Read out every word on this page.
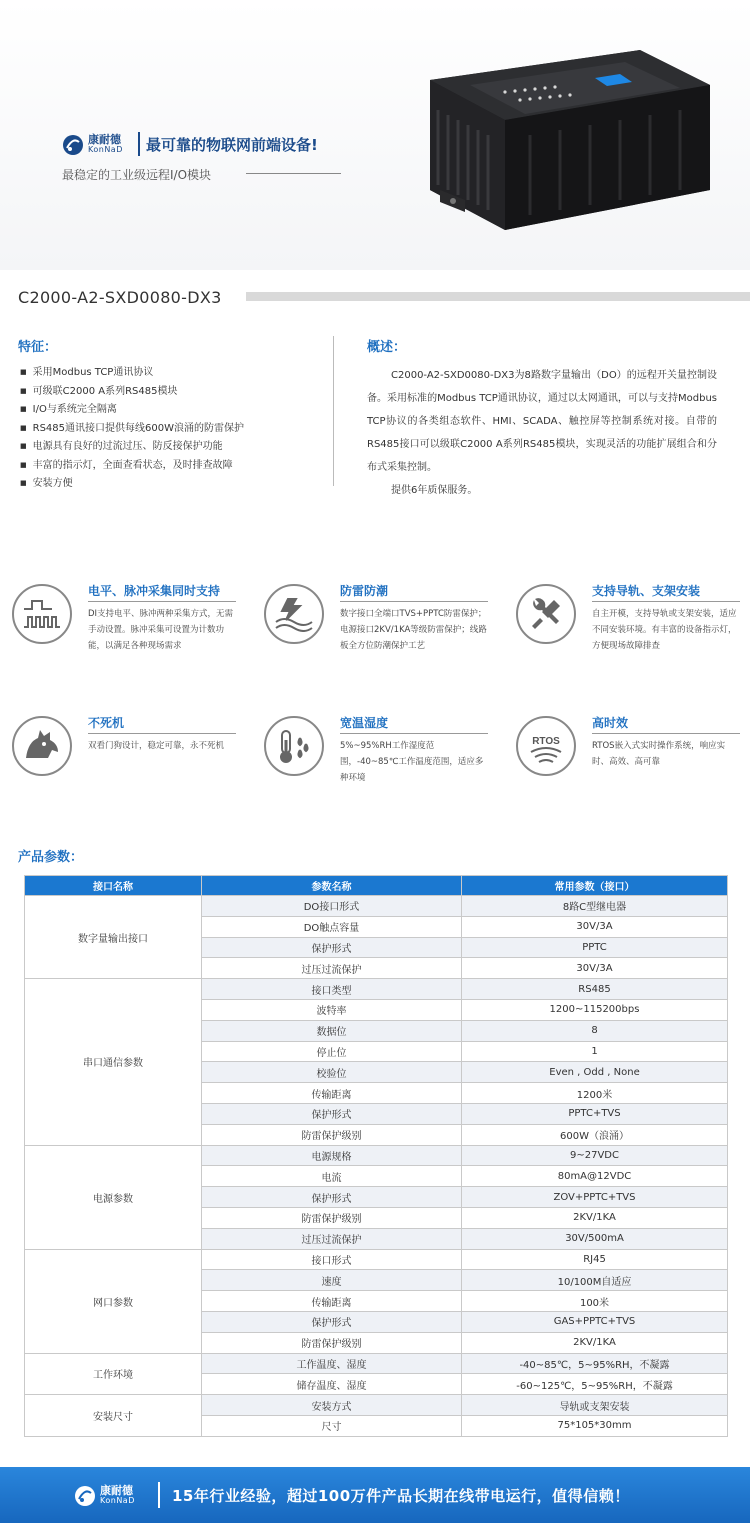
康耐德
KonNaD 最可靠的物联网前端设备!
最稳定的工业级远程I/O模块
C2000-A2-SXD0080-DX3
特征：
■ 采用Modbus TCP通讯协议
■ 可级联C2000 A系列RS485模块
■ I/O与系统完全隔离
■ RS485通讯接口提供每线600W浪涌的防雷保护
■ 电源具有良好的过流过压、防反接保护功能
■ 丰富的指示灯，全面查看状态，及时排查故障
■ 安装方便
概述：

C2000-A2-SXD0080-DX3为8路数字量输出（DO）的远程开关量控制设备。采用标准的Modbus TCP通讯协议，通过以太网通讯，可以与支持Modbus TCP协议的各类组态软件、HMI、SCADA、触控屏等控制系统对接。自带的RS485接口可以级联C2000 A系列RS485模块，实现灵活的功能扩展组合和分布式采集控制。

提供6年质保服务。

电平、脉冲采集同时支持
DI支持电平、脉冲两种采集方式，无需手动设置。脉冲采集可设置为计数功能，以满足各种现场需求
防雷防潮
数字接口全端口TVS+PPTC防雷保护；电源接口2KV/1KA等级防雷保护；线路板全方位防潮保护工艺
支持导轨、支架安装
自主开模，支持导轨或支架安装，适应不同安装环境。有丰富的设备指示灯，方便现场故障排查
不死机
双看门狗设计，稳定可靠，永不死机
宽温湿度
5%~95%RH工作湿度范围，-40~85℃工作温度范围，适应多种环境
RTOS
高时效
RTOS嵌入式实时操作系统，响应实时、高效、高可靠
产品参数：
接口名称	参数名称	常用参数（接口）
数字量输出接口	DO接口形式	8路C型继电器
	DO触点容量	30V/3A
	保护形式	PPTC
	过压过流保护	30V/3A
串口通信参数	接口类型	RS485
	波特率	1200~115200bps
	数据位	8
	停止位	1
	校验位	Even , Odd , None
	传输距离	1200米
	保护形式	PPTC+TVS
	防雷保护级别	600W（浪涌）
电源参数	电源规格	9~27VDC
	电流	80mA@12VDC
	保护形式	ZOV+PPTC+TVS
	防雷保护级别	2KV/1KA
	过压过流保护	30V/500mA
网口参数	接口形式	RJ45
	速度	10/100M自适应
	传输距离	100米
	保护形式	GAS+PPTC+TVS
	防雷保护级别	2KV/1KA
工作环境	工作温度、湿度	-40~85℃，5~95%RH，不凝露
	储存温度、湿度	-60~125℃，5~95%RH，不凝露
安装尺寸	安装方式	导轨或支架安装
	尺寸	75*105*30mm
康耐德
KonNaD 15年行业经验，超过100万件产品长期在线带电运行，值得信赖！
